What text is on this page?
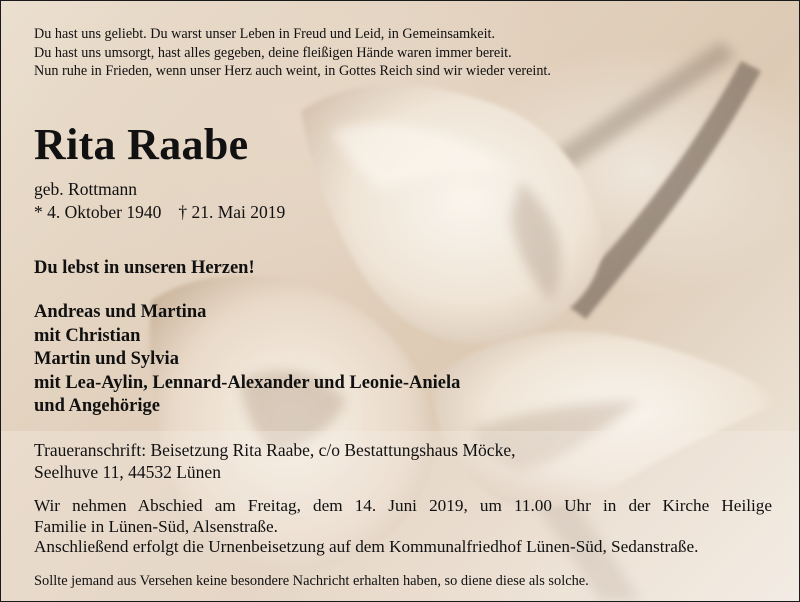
Du hast uns geliebt. Du warst unser Leben in Freud und Leid, in Gemeinsamkeit.
Du hast uns umsorgt, hast alles gegeben, deine fleißigen Hände waren immer bereit.
Nun ruhe in Frieden, wenn unser Herz auch weint, in Gottes Reich sind wir wieder vereint.
Rita Raabe
geb. Rottmann
* 4. Oktober 1940 † 21. Mai 2019
Du lebst in unseren Herzen!
Andreas und Martina
mit Christian
Martin und Sylvia
mit Lea-Aylin, Lennard-Alexander und Leonie-Aniela
und Angehörige
Traueranschrift: Beisetzung Rita Raabe, c/o Bestattungshaus Möcke,
Seelhuve 11, 44532 Lünen
Wir nehmen Abschied am Freitag, dem 14. Juni 2019, um 11.00 Uhr in der Kirche Heilige
Familie in Lünen-Süd, Alsenstraße.
Anschließend erfolgt die Urnenbeisetzung auf dem Kommunalfriedhof Lünen-Süd, Sedanstraße.
Sollte jemand aus Versehen keine besondere Nachricht erhalten haben, so diene diese als solche.
